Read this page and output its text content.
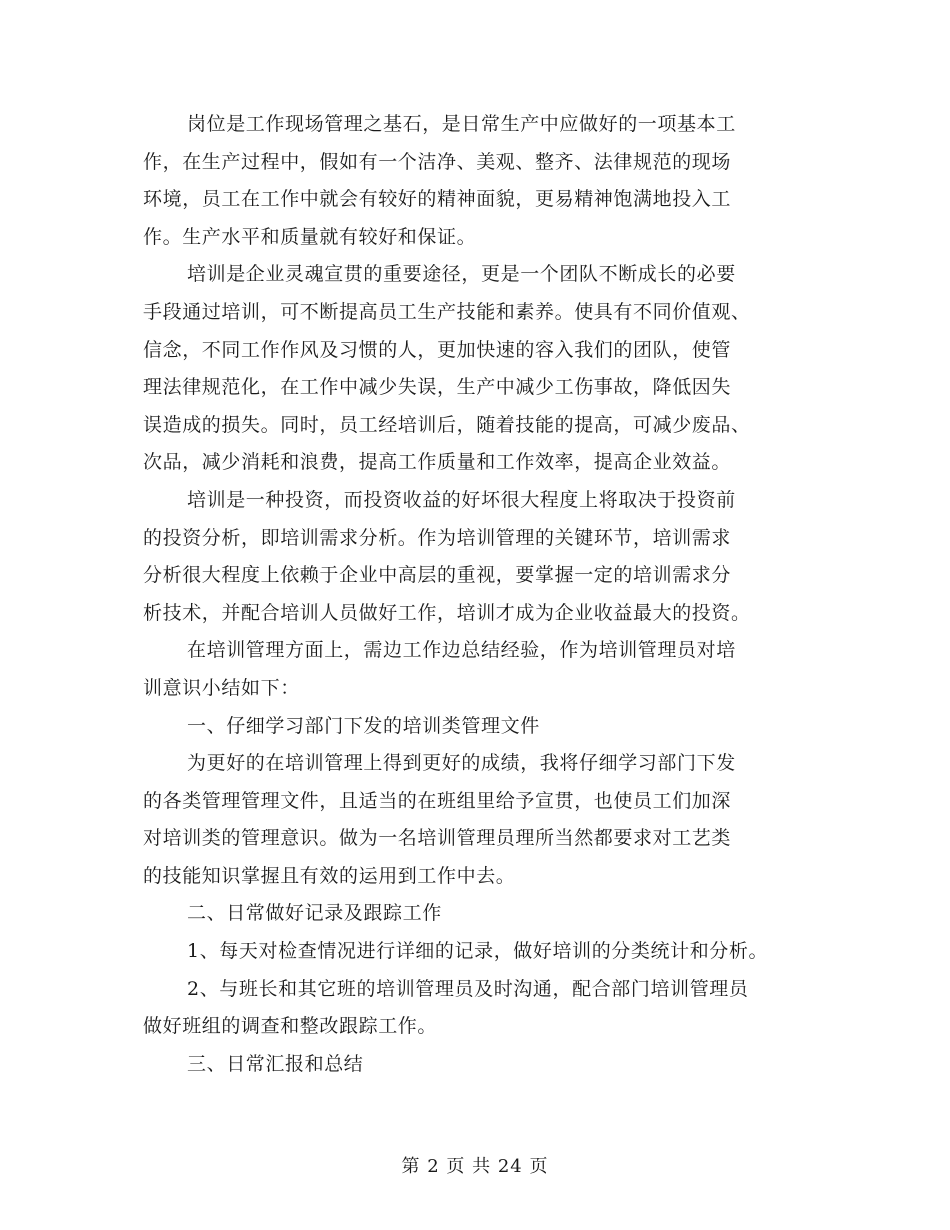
岗位是工作现场管理之基石，是日常生产中应做好的一项基本工
作，在生产过程中，假如有一个洁净、美观、整齐、法律规范的现场
环境，员工在工作中就会有较好的精神面貌，更易精神饱满地投入工
作。生产水平和质量就有较好和保证。
培训是企业灵魂宣贯的重要途径，更是一个团队不断成长的必要
手段通过培训，可不断提高员工生产技能和素养。使具有不同价值观、
信念，不同工作作风及习惯的人，更加快速的容入我们的团队，使管
理法律规范化，在工作中减少失误，生产中减少工伤事故，降低因失
误造成的损失。同时，员工经培训后，随着技能的提高，可减少废品、
次品，减少消耗和浪费，提高工作质量和工作效率，提高企业效益。
培训是一种投资，而投资收益的好坏很大程度上将取决于投资前
的投资分析，即培训需求分析。作为培训管理的关键环节，培训需求
分析很大程度上依赖于企业中高层的重视，要掌握一定的培训需求分
析技术，并配合培训人员做好工作，培训才成为企业收益最大的投资。
在培训管理方面上，需边工作边总结经验，作为培训管理员对培
训意识小结如下：
一、仔细学习部门下发的培训类管理文件
为更好的在培训管理上得到更好的成绩，我将仔细学习部门下发
的各类管理管理文件，且适当的在班组里给予宣贯，也使员工们加深
对培训类的管理意识。做为一名培训管理员理所当然都要求对工艺类
的技能知识掌握且有效的运用到工作中去。
二、日常做好记录及跟踪工作
1、每天对检查情况进行详细的记录，做好培训的分类统计和分析。
2、与班长和其它班的培训管理员及时沟通，配合部门培训管理员
做好班组的调查和整改跟踪工作。
三、日常汇报和总结
第 2 页 共 24 页
